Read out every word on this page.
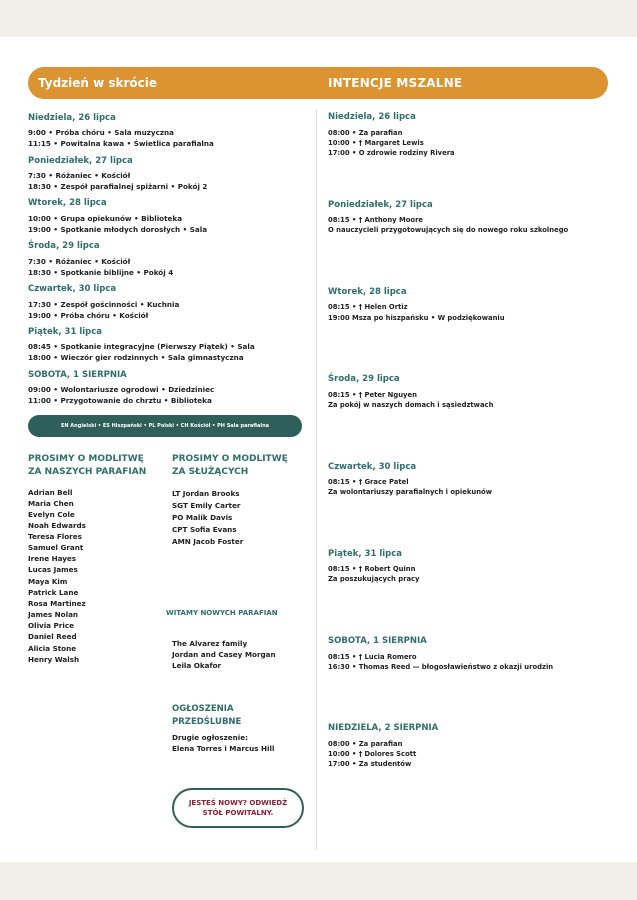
Tydzień w skrócie	INTENCJE MSZALNE
Niedziela, 26 lipca
9:00 • Próba chóru • Sala muzyczna
11:15 • Powitalna kawa • Świetlica parafialna
Poniedziałek, 27 lipca
7:30 • Różaniec • Kościół
18:30 • Zespół parafialnej spiżarni • Pokój 2
Wtorek, 28 lipca
10:00 • Grupa opiekunów • Biblioteka
19:00 • Spotkanie młodych dorosłych • Sala
Środa, 29 lipca
7:30 • Różaniec • Kościół
18:30 • Spotkanie biblijne • Pokój 4
Czwartek, 30 lipca
17:30 • Zespół gościnności • Kuchnia
19:00 • Próba chóru • Kościół
Piątek, 31 lipca
08:45 • Spotkanie integracyjne (Pierwszy Piątek) • Sala
18:00 • Wieczór gier rodzinnych • Sala gimnastyczna
SOBOTA, 1 SIERPNIA
09:00 • Wolontariusze ogrodowi • Dziedziniec
11:00 • Przygotowanie do chrztu • Biblioteka
EN Angielski • ES Hiszpański • PL Polski • CH Kościół • PH Sala parafialna
PROSIMY O MODLITWĘ
ZA NASZYCH PARAFIAN
Adrian Bell
Maria Chen
Evelyn Cole
Noah Edwards
Teresa Flores
Samuel Grant
Irene Hayes
Lucas James
Maya Kim
Patrick Lane
Rosa Martinez
James Nolan
Olivia Price
Daniel Reed
Alicia Stone
Henry Walsh
PROSIMY O MODLITWĘ
ZA SŁUŻĄCYCH
LT Jordan Brooks
SGT Emily Carter
PO Malik Davis
CPT Sofia Evans
AMN Jacob Foster
WITAMY NOWYCH PARAFIAN
The Alvarez family
Jordan and Casey Morgan
Leila Okafor
OGŁOSZENIA
PRZEDŚLUBNE
Drugie ogłoszenie:
Elena Torres i Marcus Hill
JESTEŚ NOWY? ODWIEDŹ
STÓŁ POWITALNY.
Niedziela, 26 lipca
08:00 • Za parafian
10:00 • † Margaret Lewis
17:00 • O zdrowie rodziny Rivera
Poniedziałek, 27 lipca
08:15 • † Anthony Moore
O nauczycieli przygotowujących się do nowego roku szkolnego
Wtorek, 28 lipca
08:15 • † Helen Ortiz
19:00 Msza po hiszpańsku • W podziękowaniu
Środa, 29 lipca
08:15 • † Peter Nguyen
Za pokój w naszych domach i sąsiedztwach
Czwartek, 30 lipca
08:15 • † Grace Patel
Za wolontariuszy parafialnych i opiekunów
Piątek, 31 lipca
08:15 • † Robert Quinn
Za poszukujących pracy
SOBOTA, 1 SIERPNIA
08:15 • † Lucia Romero
16:30 • Thomas Reed — błogosławieństwo z okazji urodzin
NIEDZIELA, 2 SIERPNIA
08:00 • Za parafian
10:00 • † Dolores Scott
17:00 • Za studentów
